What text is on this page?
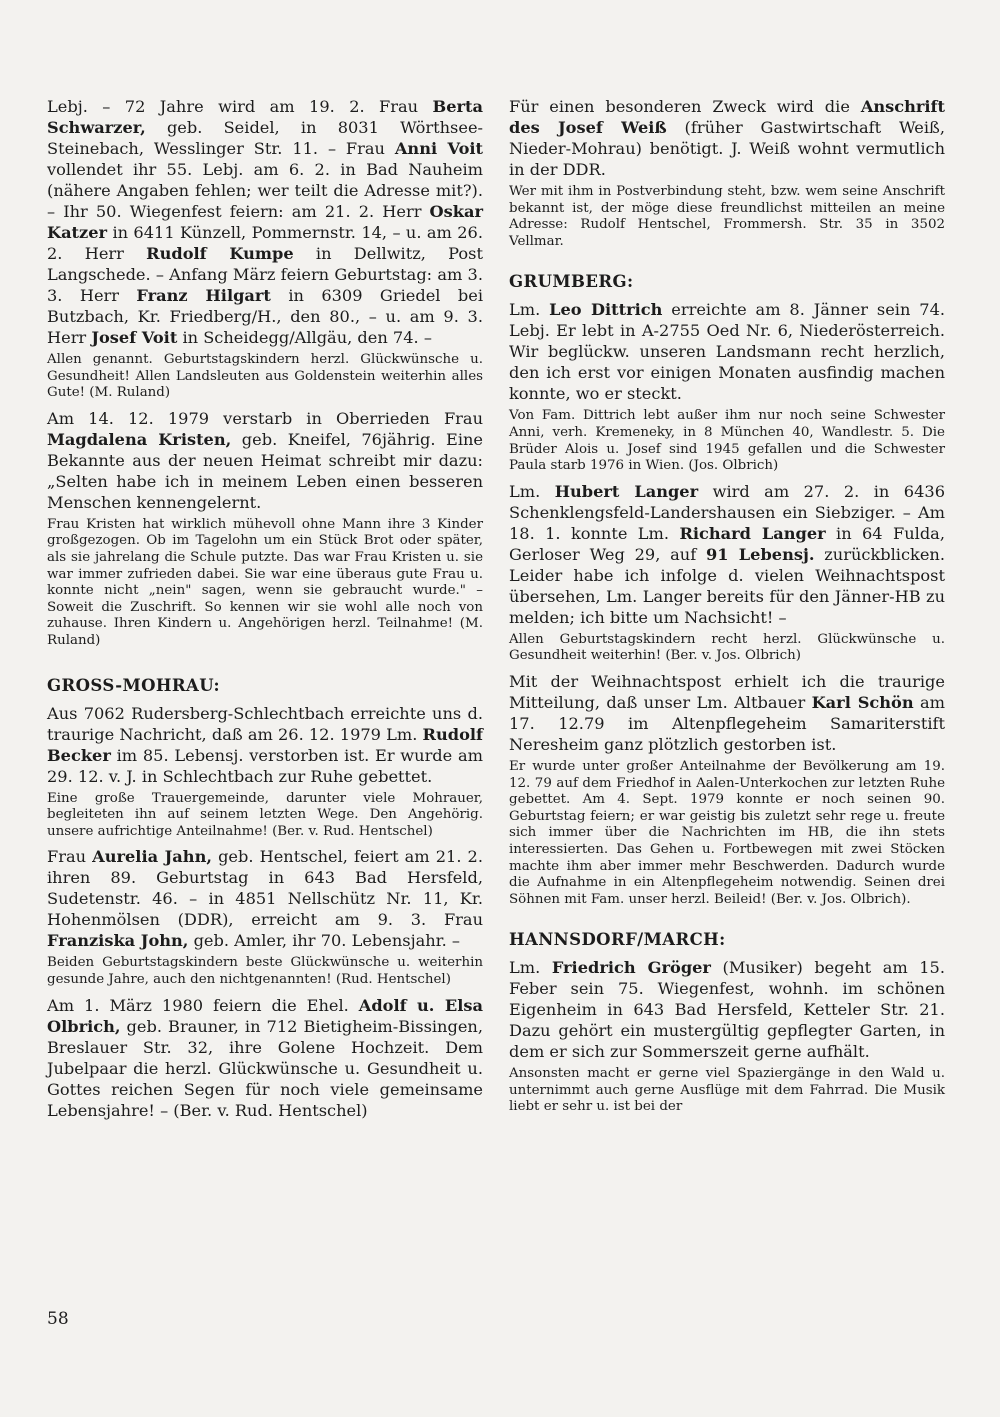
Lebj. – 72 Jahre wird am 19. 2. Frau Berta Schwarzer, geb. Seidel, in 8031 Wörthsee-Steinebach, Wesslinger Str. 11. – Frau Anni Voit vollendet ihr 55. Lebj. am 6. 2. in Bad Nauheim (nähere Angaben fehlen; wer teilt die Adresse mit?). – Ihr 50. Wiegenfest feiern: am 21. 2. Herr Oskar Katzer in 6411 Künzell, Pommernstr. 14, – u. am 26. 2. Herr Rudolf Kumpe in Dellwitz, Post Langschede. – Anfang März feiern Geburtstag: am 3. 3. Herr Franz Hilgart in 6309 Griedel bei Butzbach, Kr. Friedberg/H., den 80., – u. am 9. 3. Herr Josef Voit in Scheidegg/Allgäu, den 74. –

Allen genannt. Geburtstagskindern herzl. Glückwünsche u. Gesundheit! Allen Landsleuten aus Goldenstein weiterhin alles Gute! (M. Ruland)

Am 14. 12. 1979 verstarb in Oberrieden Frau Magdalena Kristen, geb. Kneifel, 76jährig. Eine Bekannte aus der neuen Heimat schreibt mir dazu: „Selten habe ich in meinem Leben einen besseren Menschen kennengelernt.

Frau Kristen hat wirklich mühevoll ohne Mann ihre 3 Kinder großgezogen. Ob im Tagelohn um ein Stück Brot oder später, als sie jahrelang die Schule putzte. Das war Frau Kristen u. sie war immer zufrieden dabei. Sie war eine überaus gute Frau u. konnte nicht „nein" sagen, wenn sie gebraucht wurde." – Soweit die Zuschrift. So kennen wir sie wohl alle noch von zuhause. Ihren Kindern u. Angehörigen herzl. Teilnahme! (M. Ruland)

GROSS-MOHRAU:

Aus 7062 Rudersberg-Schlechtbach erreichte uns d. traurige Nachricht, daß am 26. 12. 1979 Lm. Rudolf Becker im 85. Lebensj. verstorben ist. Er wurde am 29. 12. v. J. in Schlechtbach zur Ruhe gebettet.

Eine große Trauergemeinde, darunter viele Mohrauer, begleiteten ihn auf seinem letzten Wege. Den Angehörig. unsere aufrichtige Anteilnahme! (Ber. v. Rud. Hentschel)

Frau Aurelia Jahn, geb. Hentschel, feiert am 21. 2. ihren 89. Geburtstag in 643 Bad Hersfeld, Sudetenstr. 46. – in 4851 Nellschütz Nr. 11, Kr. Hohenmölsen (DDR), erreicht am 9. 3. Frau Franziska John, geb. Amler, ihr 70. Lebensjahr. –

Beiden Geburtstagskindern beste Glückwünsche u. weiterhin gesunde Jahre, auch den nichtgenannten! (Rud. Hentschel)

Am 1. März 1980 feiern die Ehel. Adolf u. Elsa Olbrich, geb. Brauner, in 712 Bietigheim-Bissingen, Breslauer Str. 32, ihre Golene Hochzeit. Dem Jubelpaar die herzl. Glückwünsche u. Gesundheit u. Gottes reichen Segen für noch viele gemeinsame Lebensjahre! – (Ber. v. Rud. Hentschel)

Für einen besonderen Zweck wird die Anschrift des Josef Weiß (früher Gastwirtschaft Weiß, Nieder-Mohrau) benötigt. J. Weiß wohnt vermutlich in der DDR.

Wer mit ihm in Postverbindung steht, bzw. wem seine Anschrift bekannt ist, der möge diese freundlichst mitteilen an meine Adresse: Rudolf Hentschel, Frommersh. Str. 35 in 3502 Vellmar.

GRUMBERG:

Lm. Leo Dittrich erreichte am 8. Jänner sein 74. Lebj. Er lebt in A-2755 Oed Nr. 6, Niederösterreich. Wir beglückw. unseren Landsmann recht herzlich, den ich erst vor einigen Monaten ausfindig machen konnte, wo er steckt.

Von Fam. Dittrich lebt außer ihm nur noch seine Schwester Anni, verh. Kremeneky, in 8 München 40, Wandlestr. 5. Die Brüder Alois u. Josef sind 1945 gefallen und die Schwester Paula starb 1976 in Wien. (Jos. Olbrich)

Lm. Hubert Langer wird am 27. 2. in 6436 Schenklengsfeld-Landershausen ein Siebziger. – Am 18. 1. konnte Lm. Richard Langer in 64 Fulda, Gerloser Weg 29, auf 91 Lebensj. zurückblicken. Leider habe ich infolge d. vielen Weihnachtspost übersehen, Lm. Langer bereits für den Jänner-HB zu melden; ich bitte um Nachsicht! –

Allen Geburtstagskindern recht herzl. Glückwünsche u. Gesundheit weiterhin! (Ber. v. Jos. Olbrich)

Mit der Weihnachtspost erhielt ich die traurige Mitteilung, daß unser Lm. Altbauer Karl Schön am 17. 12.79 im Altenpflegeheim Samariterstift Neresheim ganz plötzlich gestorben ist.

Er wurde unter großer Anteilnahme der Bevölkerung am 19. 12. 79 auf dem Friedhof in Aalen-Unterkochen zur letzten Ruhe gebettet. Am 4. Sept. 1979 konnte er noch seinen 90. Geburtstag feiern; er war geistig bis zuletzt sehr rege u. freute sich immer über die Nachrichten im HB, die ihn stets interessierten. Das Gehen u. Fortbewegen mit zwei Stöcken machte ihm aber immer mehr Beschwerden. Dadurch wurde die Aufnahme in ein Altenpflegeheim notwendig. Seinen drei Söhnen mit Fam. unser herzl. Beileid! (Ber. v. Jos. Olbrich).

HANNSDORF/MARCH:

Lm. Friedrich Gröger (Musiker) begeht am 15. Feber sein 75. Wiegenfest, wohnh. im schönen Eigenheim in 643 Bad Hersfeld, Ketteler Str. 21. Dazu gehört ein mustergültig gepflegter Garten, in dem er sich zur Sommerszeit gerne aufhält.

Ansonsten macht er gerne viel Spaziergänge in den Wald u. unternimmt auch gerne Ausflüge mit dem Fahrrad. Die Musik liebt er sehr u. ist bei der

58
